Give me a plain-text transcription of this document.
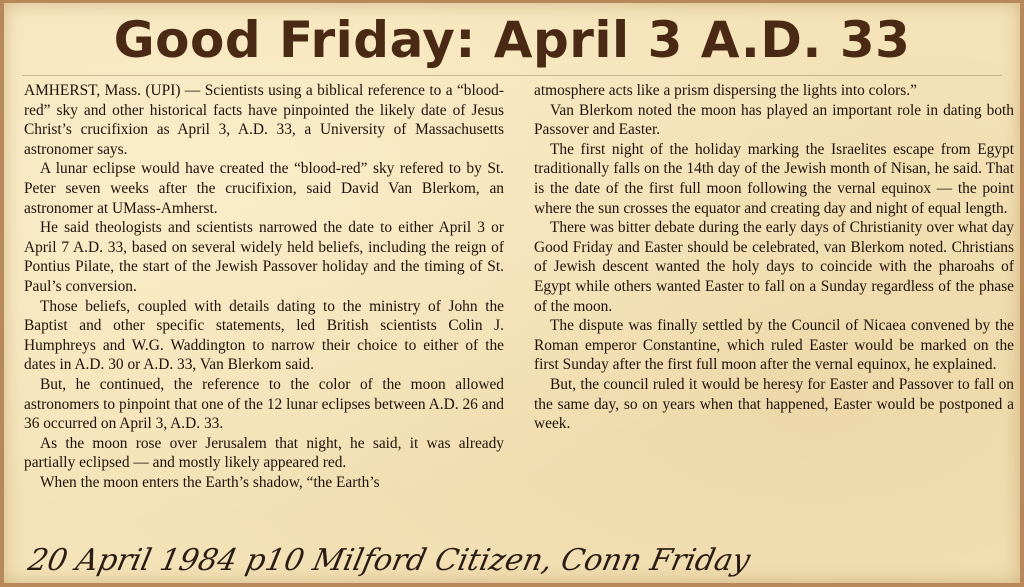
Good Friday: April 3 A.D. 33

AMHERST, Mass. (UPI) — Scientists using a biblical reference to a “blood-red” sky and other historical facts have pinpointed the likely date of Jesus Christ’s crucifixion as April 3, A.D. 33, a University of Massachusetts astronomer says.

A lunar eclipse would have created the “blood-red” sky refered to by St. Peter seven weeks after the crucifixion, said David Van Blerkom, an astronomer at UMass-Amherst.

He said theologists and scientists narrowed the date to either April 3 or April 7 A.D. 33, based on several widely held beliefs, including the reign of Pontius Pilate, the start of the Jewish Passover holiday and the timing of St. Paul’s conversion.

Those beliefs, coupled with details dating to the ministry of John the Baptist and other specific statements, led British scientists Colin J. Humphreys and W.G. Waddington to narrow their choice to either of the dates in A.D. 30 or A.D. 33, Van Blerkom said.

But, he continued, the reference to the color of the moon allowed astronomers to pinpoint that one of the 12 lunar eclipses between A.D. 26 and 36 occurred on April 3, A.D. 33.

As the moon rose over Jerusalem that night, he said, it was already partially eclipsed — and mostly likely appeared red.

When the moon enters the Earth’s shadow, “the Earth’s

atmosphere acts like a prism dispersing the lights into colors.”

Van Blerkom noted the moon has played an important role in dating both Passover and Easter.

The first night of the holiday marking the Israelites escape from Egypt traditionally falls on the 14th day of the Jewish month of Nisan, he said. That is the date of the first full moon following the vernal equinox — the point where the sun crosses the equator and creating day and night of equal length.

There was bitter debate during the early days of Christianity over what day Good Friday and Easter should be celebrated, van Blerkom noted. Christians of Jewish descent wanted the holy days to coincide with the pharoahs of Egypt while others wanted Easter to fall on a Sunday regardless of the phase of the moon.

The dispute was finally settled by the Council of Nicaea convened by the Roman emperor Constantine, which ruled Easter would be marked on the first Sunday after the first full moon after the vernal equinox, he explained.

But, the council ruled it would be heresy for Easter and Passover to fall on the same day, so on years when that happened, Easter would be postponed a week.

20 April 1984 p10 Milford Citizen, Conn Friday
